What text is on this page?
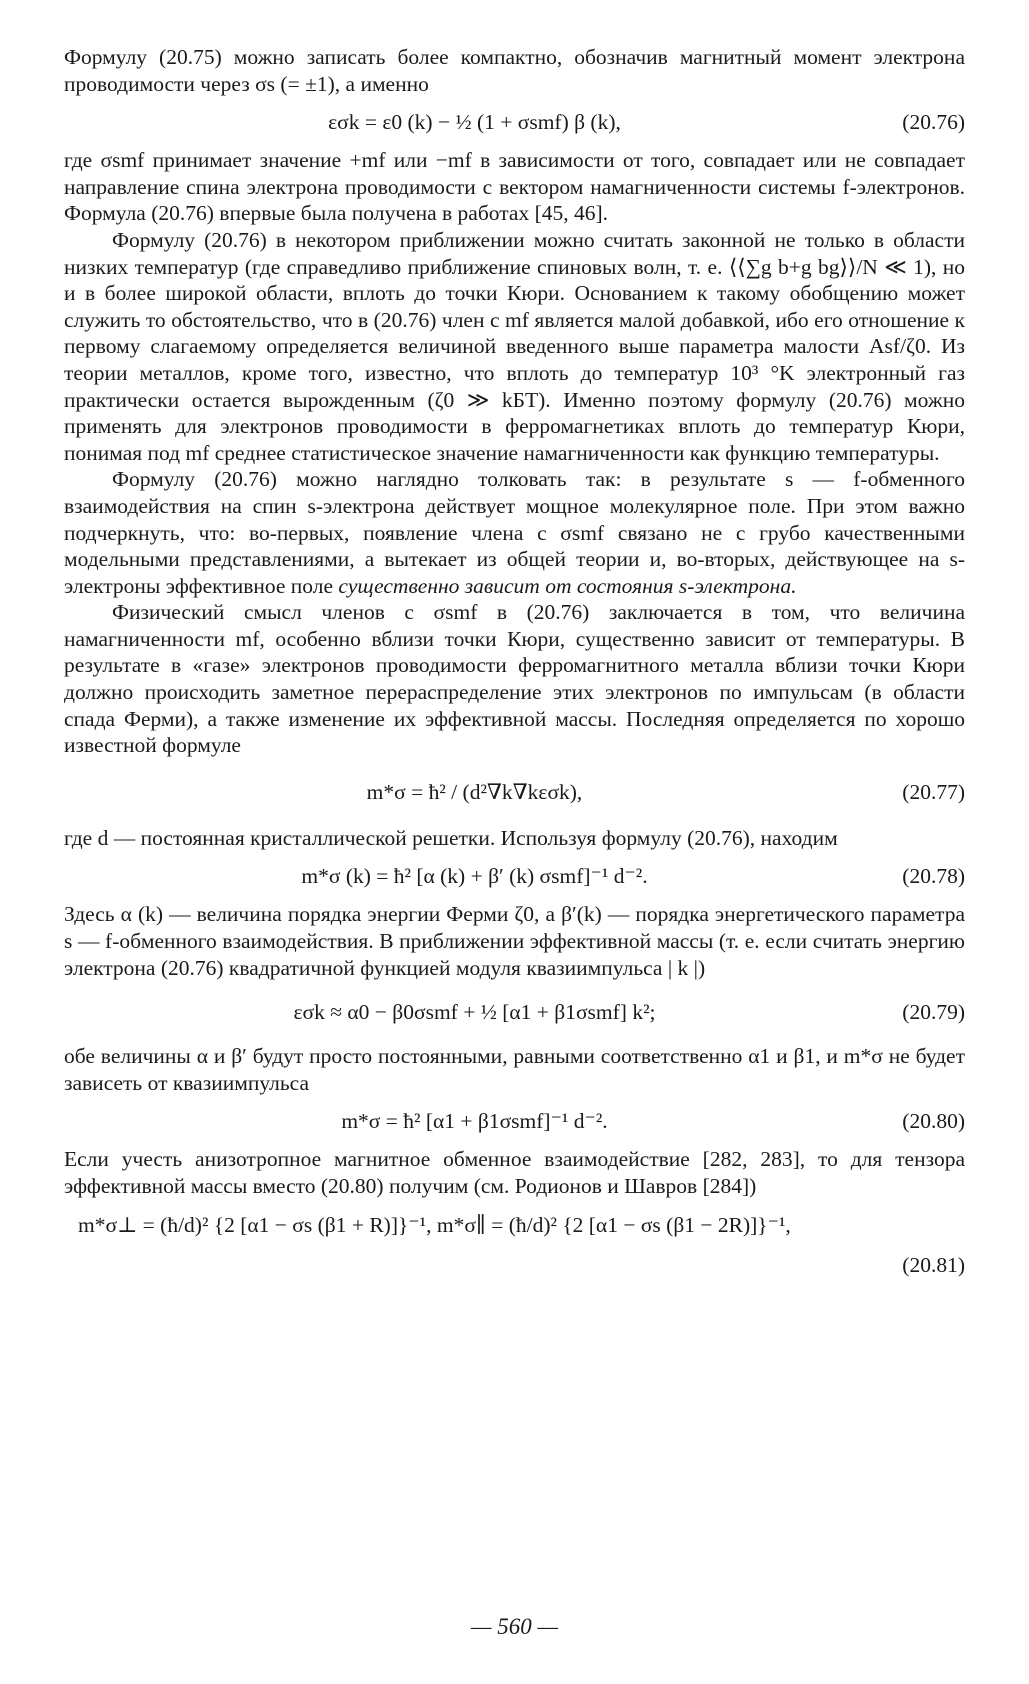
Формулу (20.75) можно записать более компактно, обозначив магнитный момент электрона проводимости через σs (= ±1), а именно

εσk = ε0 (k) − ½ (1 + σsmf) β (k),	(20.76)

где σsmf принимает значение +mf или −mf в зависимости от того, совпадает или не совпадает направление спина электрона проводимости с вектором намагниченности системы f-электронов. Формула (20.76) впервые была получена в работах [45, 46].

Формулу (20.76) в некотором приближении можно считать законной не только в области низких температур (где справедливо приближение спиновых волн, т. е. ⟨⟨∑g b+g bg⟩⟩/N ≪ 1), но и в более широкой области, вплоть до точки Кюри. Основанием к такому обобщению может служить то обстоятельство, что в (20.76) член с mf является малой добавкой, ибо его отношение к первому слагаемому определяется величиной введенного выше параметра малости Asf/ζ0. Из теории металлов, кроме того, известно, что вплоть до температур 10³ °K электронный газ практически остается вырожденным (ζ0 ≫ kБT). Именно поэтому формулу (20.76) можно применять для электронов проводимости в ферромагнетиках вплоть до температур Кюри, понимая под mf среднее статистическое значение намагниченности как функцию температуры.

Формулу (20.76) можно наглядно толковать так: в результате s — f-обменного взаимодействия на спин s-электрона действует мощное молекулярное поле. При этом важно подчеркнуть, что: во-первых, появление члена с σsmf связано не с грубо качественными модельными представлениями, а вытекает из общей теории и, во-вторых, действующее на s-электроны эффективное поле существенно зависит от состояния s-электрона.

Физический смысл членов с σsmf в (20.76) заключается в том, что величина намагниченности mf, особенно вблизи точки Кюри, существенно зависит от температуры. В результате в «газе» электронов проводимости ферромагнитного металла вблизи точки Кюри должно происходить заметное перераспределение этих электронов по импульсам (в области спада Ферми), а также изменение их эффективной массы. Последняя определяется по хорошо известной формуле

m*σ = ħ² / (d²∇k∇kεσk),	(20.77)

где d — постоянная кристаллической решетки. Используя формулу (20.76), находим

m*σ (k) = ħ² [α (k) + β′ (k) σsmf]⁻¹ d⁻².	(20.78)

Здесь α (k) — величина порядка энергии Ферми ζ0, а β′(k) — порядка энергетического параметра s — f-обменного взаимодействия. В приближении эффективной массы (т. е. если считать энергию электрона (20.76) квадратичной функцией модуля квазиимпульса | k |)

εσk ≈ α0 − β0σsmf + ½ [α1 + β1σsmf] k²;	(20.79)

обе величины α и β′ будут просто постоянными, равными соответственно α1 и β1, и m*σ не будет зависеть от квазиимпульса

m*σ = ħ² [α1 + β1σsmf]⁻¹ d⁻².	(20.80)

Если учесть анизотропное магнитное обменное взаимодействие [282, 283], то для тензора эффективной массы вместо (20.80) получим (см. Родионов и Шавров [284])

m*σ⊥ = (ħ/d)² {2 [α1 − σs (β1 + R)]}⁻¹, m*σ∥ = (ħ/d)² {2 [α1 − σs (β1 − 2R)]}⁻¹,
(20.81)
— 560 —
